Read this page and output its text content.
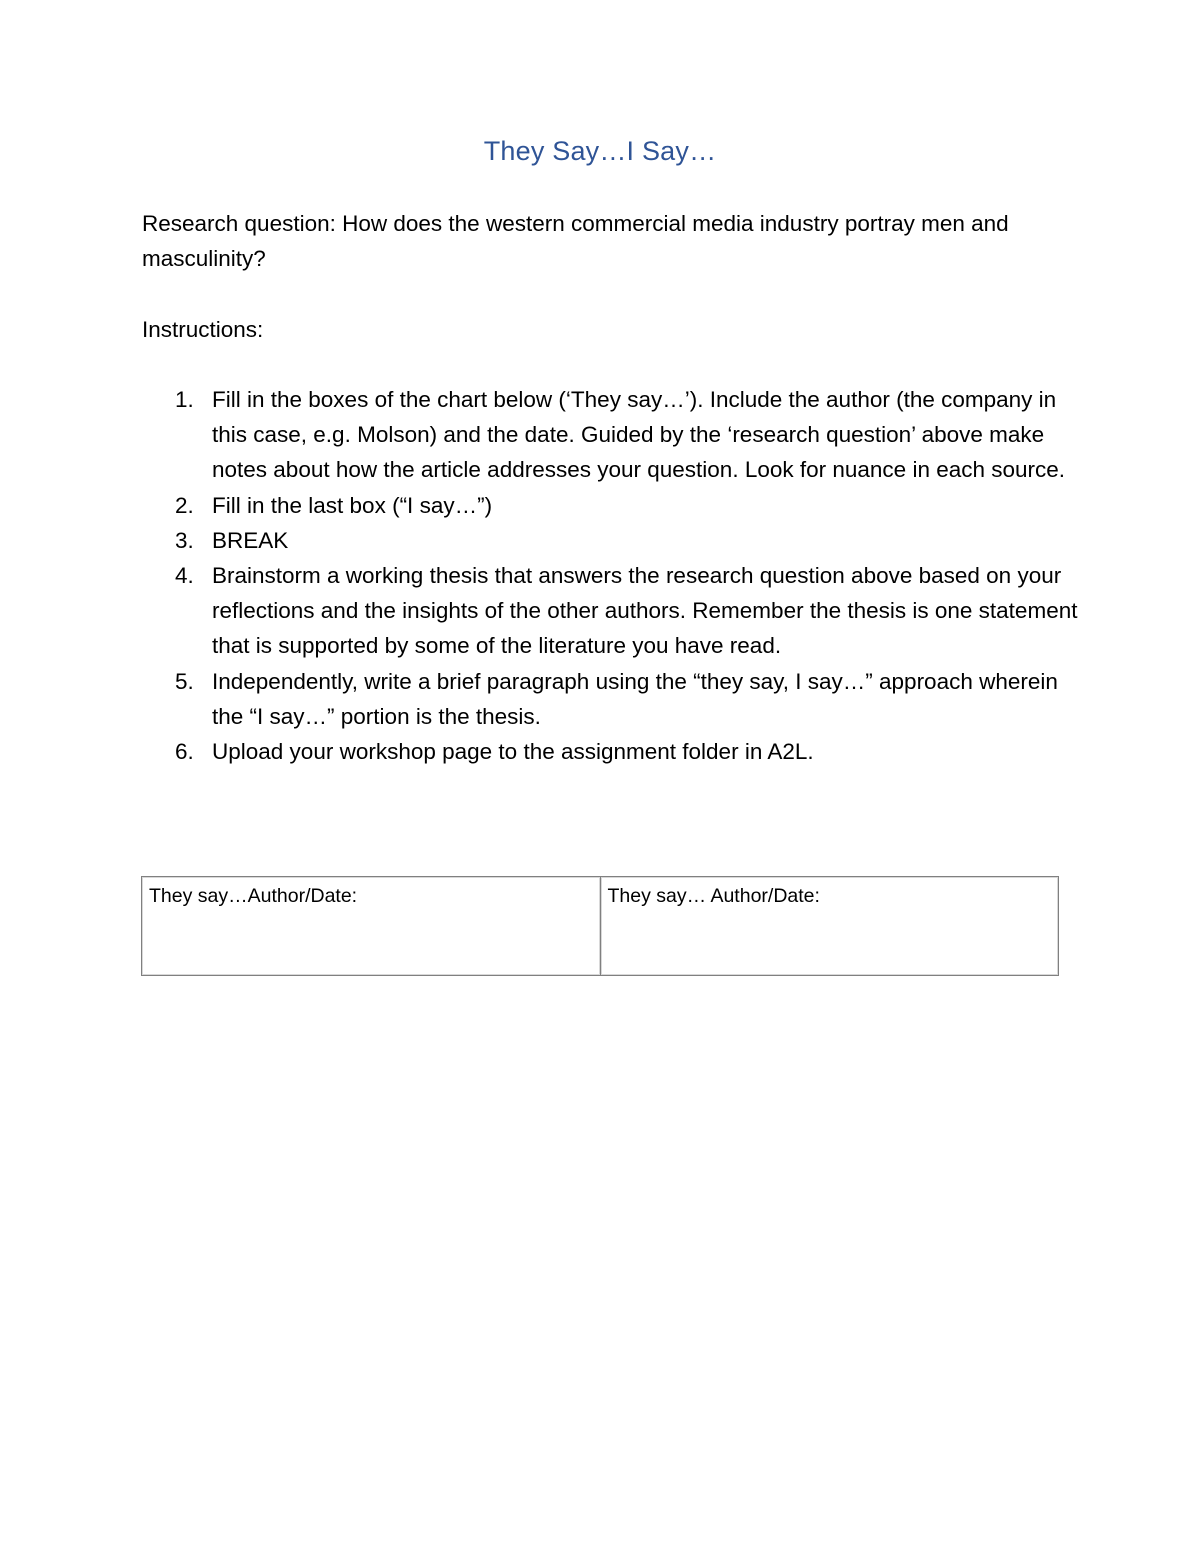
They Say…I Say…
Research question: How does the western commercial media industry portray men and masculinity?
Instructions:
1. Fill in the boxes of the chart below (‘They say…’). Include the author (the company in this case, e.g. Molson) and the date. Guided by the ‘research question’ above make notes about how the article addresses your question. Look for nuance in each source.
2. Fill in the last box (“I say…”)
3. BREAK
4. Brainstorm a working thesis that answers the research question above based on your reflections and the insights of the other authors. Remember the thesis is one statement that is supported by some of the literature you have read.
5. Independently, write a brief paragraph using the “they say, I say…” approach wherein the “I say…” portion is the thesis.
6. Upload your workshop page to the assignment folder in A2L.
They say…Author/Date:	They say… Author/Date:
